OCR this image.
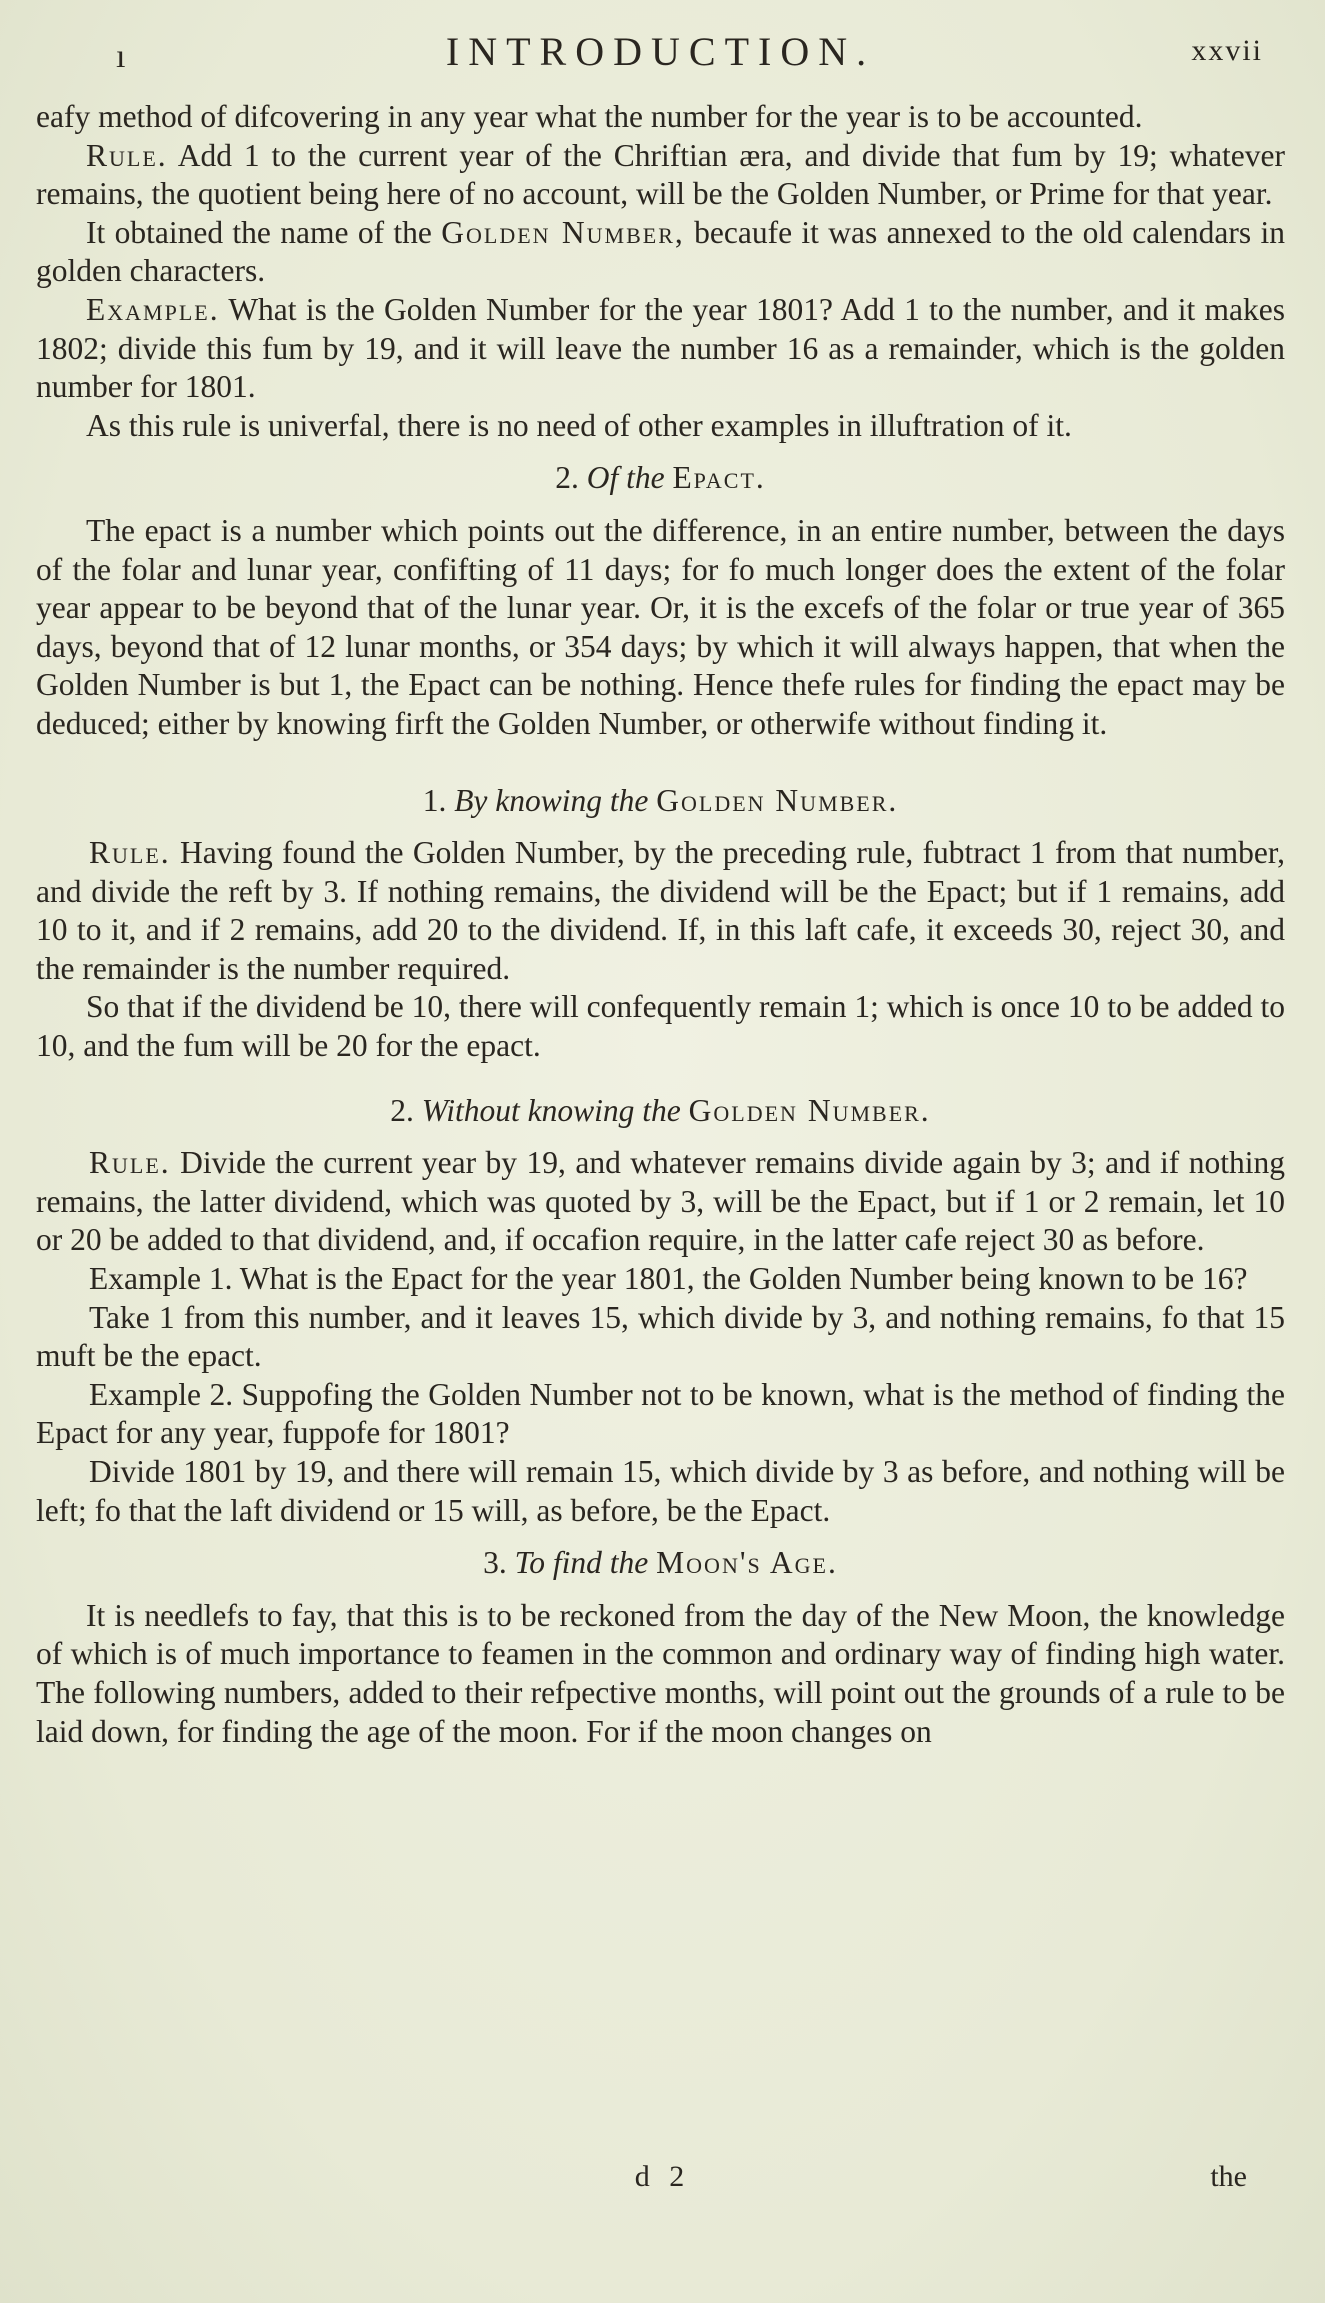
ı	INTRODUCTION.	xxvii

eafy method of difcovering in any year what the number for the year is to be accounted.

Rule. Add 1 to the current year of the Chriftian æra, and divide that fum by 19; whatever remains, the quotient being here of no account, will be the Golden Number, or Prime for that year.

It obtained the name of the Golden Number, becaufe it was annexed to the old calendars in golden characters.

Example. What is the Golden Number for the year 1801? Add 1 to the number, and it makes 1802; divide this fum by 19, and it will leave the number 16 as a remainder, which is the golden number for 1801.

As this rule is univerfal, there is no need of other examples in illuftration of it.

2. Of the Epact.

The epact is a number which points out the difference, in an entire number, between the days of the folar and lunar year, confifting of 11 days; for fo much longer does the extent of the folar year appear to be beyond that of the lunar year. Or, it is the excefs of the folar or true year of 365 days, beyond that of 12 lunar months, or 354 days; by which it will always happen, that when the Golden Number is but 1, the Epact can be nothing. Hence thefe rules for finding the epact may be deduced; either by knowing firft the Golden Number, or otherwife without finding it.

1. By knowing the Golden Number.

Rule. Having found the Golden Number, by the preceding rule, fubtract 1 from that number, and divide the reft by 3. If nothing remains, the dividend will be the Epact; but if 1 remains, add 10 to it, and if 2 remains, add 20 to the dividend. If, in this laft cafe, it exceeds 30, reject 30, and the remainder is the number required.

So that if the dividend be 10, there will confequently remain 1; which is once 10 to be added to 10, and the fum will be 20 for the epact.

2. Without knowing the Golden Number.

Rule. Divide the current year by 19, and whatever remains divide again by 3; and if nothing remains, the latter dividend, which was quoted by 3, will be the Epact, but if 1 or 2 remain, let 10 or 20 be added to that dividend, and, if occafion require, in the latter cafe reject 30 as before.

Example 1. What is the Epact for the year 1801, the Golden Number being known to be 16?

Take 1 from this number, and it leaves 15, which divide by 3, and nothing remains, fo that 15 muft be the epact.

Example 2. Suppofing the Golden Number not to be known, what is the method of finding the Epact for any year, fuppofe for 1801?

Divide 1801 by 19, and there will remain 15, which divide by 3 as before, and nothing will be left; fo that the laft dividend or 15 will, as before, be the Epact.

3. To find the Moon's Age.

It is needlefs to fay, that this is to be reckoned from the day of the New Moon, the knowledge of which is of much importance to feamen in the common and ordinary way of finding high water. The following numbers, added to their refpective months, will point out the grounds of a rule to be laid down, for finding the age of the moon. For if the moon changes on

d 2	the
